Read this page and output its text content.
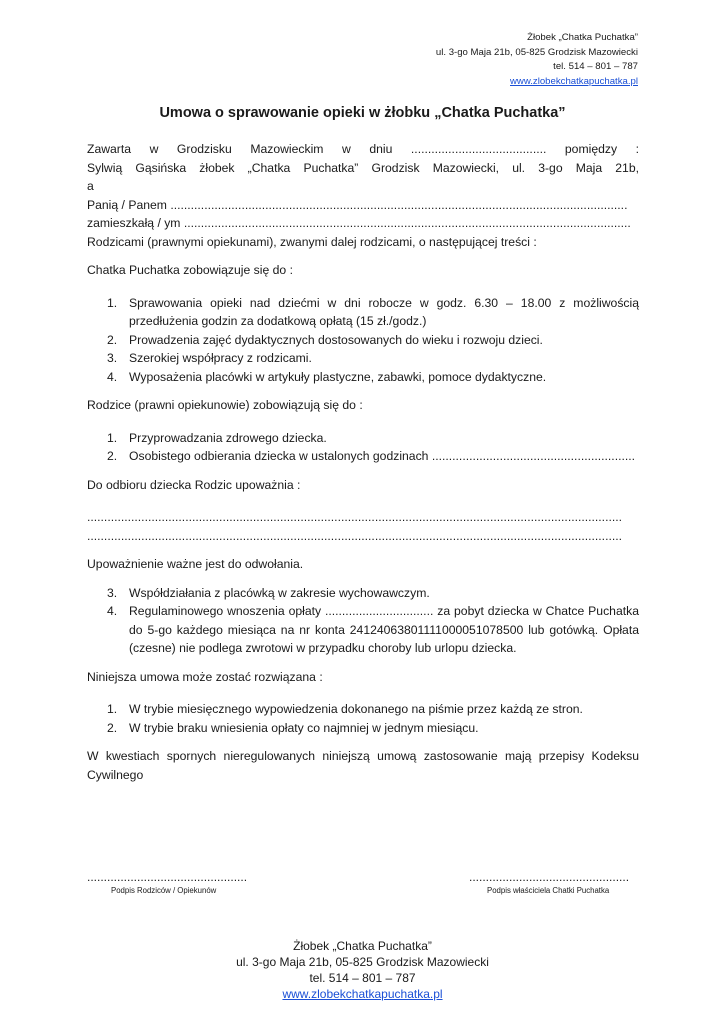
Żłobek „Chatka Puchatka”
ul. 3-go Maja 21b, 05-825 Grodzisk Mazowiecki
tel. 514 – 801 – 787
www.zlobekchatkapuchatka.pl
Umowa o sprawowanie opieki w żłobku „Chatka Puchatka”

Zawarta w Grodzisku Mazowieckim w dniu ........................................ pomiędzy :

Sylwią Gąsińska żłobek „Chatka Puchatka” Grodzisk Mazowiecki, ul. 3-go Maja 21b,

a

Panią / Panem .......................................................................................................................................

zamieszkałą / ym ....................................................................................................................................

Rodzicami (prawnymi opiekunami), zwanymi dalej rodzicami, o następującej treści :

Chatka Puchatka zobowiązuje się do :

1. Sprawowania opieki nad dziećmi w dni robocze w godz. 6.30 – 18.00 z możliwością przedłużenia godzin za dodatkową opłatą (15 zł./godz.)
2. Prowadzenia zajęć dydaktycznych dostosowanych do wieku i rozwoju dzieci.
3. Szerokiej współpracy z rodzicami.
4. Wyposażenia placówki w artykuły plastyczne, zabawki, pomoce dydaktyczne.

Rodzice (prawni opiekunowie) zobowiązują się do :

1. Przyprowadzania zdrowego dziecka.
2. Osobistego odbierania dziecka w ustalonych godzinach ............................................................

Do odbioru dziecka Rodzic upoważnia :

..............................................................................................................................................................

..............................................................................................................................................................

Upoważnienie ważne jest do odwołania.

3. Współdziałania z placówką w zakresie wychowawczym.
4. Regulaminowego wnoszenia opłaty ................................ za pobyt dziecka w Chatce Puchatka do 5-go każdego miesiąca na nr konta 24124063801111000051078500 lub gotówką. Opłata (czesne) nie podlega zwrotowi w przypadku choroby lub urlopu dziecka.

Niniejsza umowa może zostać rozwiązana :

1. W trybie miesięcznego wypowiedzenia dokonanego na piśmie przez każdą ze stron.
2. W trybie braku wniesienia opłaty co najmniej w jednym miesiącu.

W kwestiach spornych nieregulowanych niniejszą umową zastosowanie mają przepisy Kodeksu Cywilnego

................................................
Podpis Rodziców / Opiekunów
................................................
Podpis właściciela Chatki Puchatka
Żłobek „Chatka Puchatka”
ul. 3-go Maja 21b, 05-825 Grodzisk Mazowiecki
tel. 514 – 801 – 787
www.zlobekchatkapuchatka.pl
